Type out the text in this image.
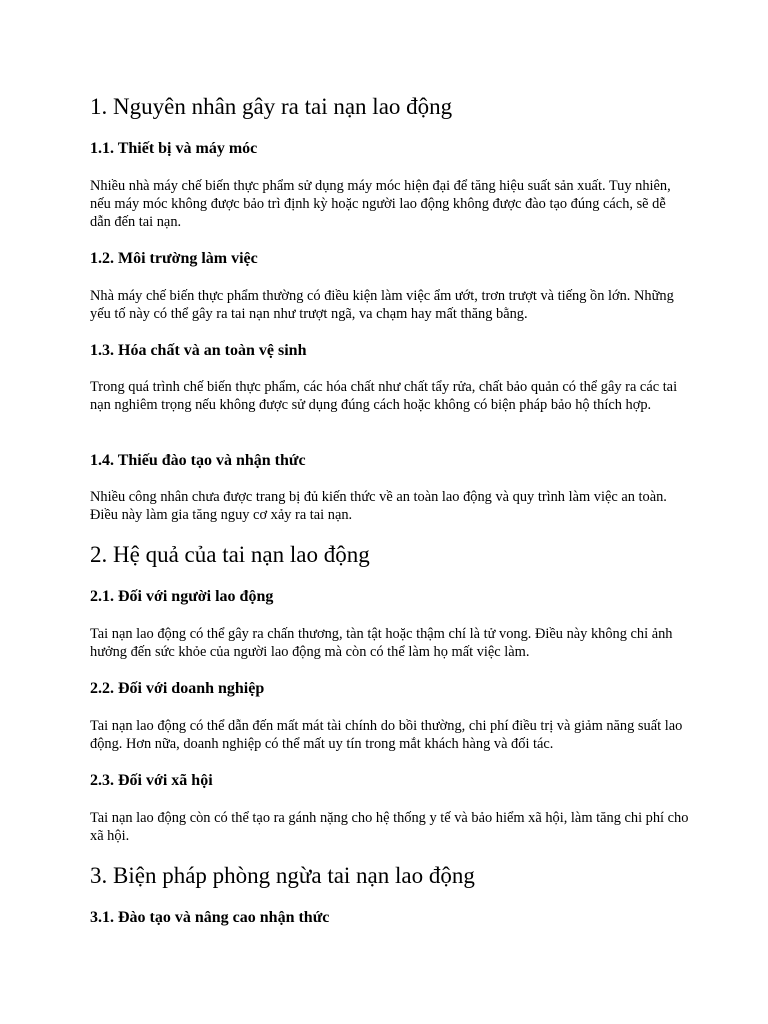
1. Nguyên nhân gây ra tai nạn lao động
1.1. Thiết bị và máy móc

Nhiều nhà máy chế biến thực phẩm sử dụng máy móc hiện đại để tăng hiệu suất sản xuất. Tuy nhiên, nếu máy móc không được bảo trì định kỳ hoặc người lao động không được đào tạo đúng cách, sẽ dễ dẫn đến tai nạn.

1.2. Môi trường làm việc

Nhà máy chế biến thực phẩm thường có điều kiện làm việc ẩm ướt, trơn trượt và tiếng ồn lớn. Những yếu tố này có thể gây ra tai nạn như trượt ngã, va chạm hay mất thăng bằng.

1.3. Hóa chất và an toàn vệ sinh

Trong quá trình chế biến thực phẩm, các hóa chất như chất tẩy rửa, chất bảo quản có thể gây ra các tai nạn nghiêm trọng nếu không được sử dụng đúng cách hoặc không có biện pháp bảo hộ thích hợp.

1.4. Thiếu đào tạo và nhận thức

Nhiều công nhân chưa được trang bị đủ kiến thức về an toàn lao động và quy trình làm việc an toàn. Điều này làm gia tăng nguy cơ xảy ra tai nạn.

2. Hệ quả của tai nạn lao động
2.1. Đối với người lao động

Tai nạn lao động có thể gây ra chấn thương, tàn tật hoặc thậm chí là tử vong. Điều này không chỉ ảnh hưởng đến sức khỏe của người lao động mà còn có thể làm họ mất việc làm.

2.2. Đối với doanh nghiệp

Tai nạn lao động có thể dẫn đến mất mát tài chính do bồi thường, chi phí điều trị và giảm năng suất lao động. Hơn nữa, doanh nghiệp có thể mất uy tín trong mắt khách hàng và đối tác.

2.3. Đối với xã hội

Tai nạn lao động còn có thể tạo ra gánh nặng cho hệ thống y tế và bảo hiểm xã hội, làm tăng chi phí cho xã hội.

3. Biện pháp phòng ngừa tai nạn lao động
3.1. Đào tạo và nâng cao nhận thức
